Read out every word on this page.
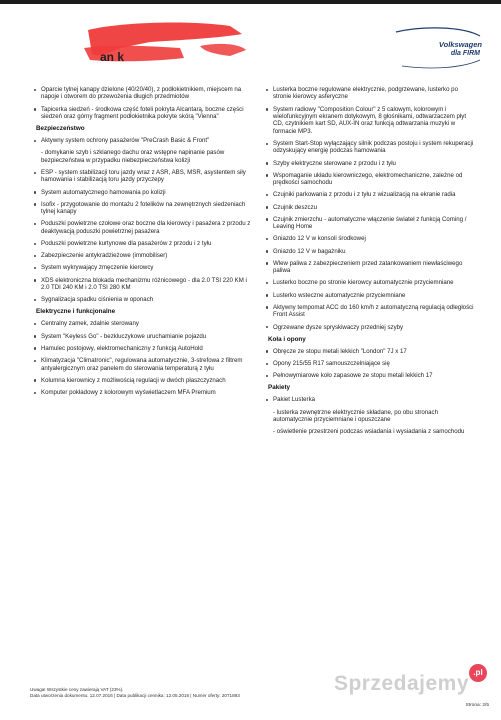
an k
Volkswagen
dla FIRM
Oparcie tylnej kanapy dzielone (40/20/40), z podłokietnikiem, miejscem na napoje i otworem do przewożenia długich przedmiotów
Tapicerka siedzeń - środkowa część foteli pokryta Alcantarą, boczne części siedzeń oraz górny fragment podłokietnika pokryte skórą "Vienna"
Bezpieczeństwo
Aktywny system ochrony pasażerów "PreCrash Basic & Front"
- domykanie szyb i szklanego dachu oraz wstępne napinanie pasów bezpieczeństwa w przypadku niebezpieczeństwa kolizji
ESP - system stabilizacji toru jazdy wraz z ASR, ABS, MSR, asystentem siły hamowania i stabilizacją toru jazdy przyczepy
System automatycznego hamowania po kolizji
Isofix - przygotowanie do montażu 2 fotelików na zewnętrznych siedzeniach tylnej kanapy
Poduszki powietrzne czołowe oraz boczne dla kierowcy i pasażera z przodu z deaktywacją poduszki powietrznej pasażera
Poduszki powietrzne kurtynowe dla pasażerów z przodu i z tyłu
Zabezpieczenie antykradzieżowe (immobiliser)
System wykrywający zmęczenie kierowcy
XDS elektroniczna blokada mechanizmu różnicowego - dla 2.0 TSI 220 KM i 2.0 TDI 240 KM i 2.0 TSI 280 KM
Sygnalizacja spadku ciśnienia w oponach
Elektryczne i funkcjonalne
Centralny zamek, zdalnie sterowany
System "Keyless Go" - bezkluczykowe uruchamianie pojazdu
Hamulec postojowy, elektromechaniczny z funkcją AutoHold
Klimatyzacja "Climatronic", regulowana automatycznie, 3-strefowa z filtrem antyalergicznym oraz panelem do sterowania temperaturą z tyłu
Kolumna kierownicy z możliwością regulacji w dwóch płaszczyznach
Komputer pokładowy z kolorowym wyświetlaczem MFA Premium
Lusterka boczne regulowane elektrycznie, podgrzewane, lusterko po stronie kierowcy asferyczne
System radiowy "Composition Colour" z 5 calowym, kolorowym i wielofunkcyjnym ekranem dotykowym, 8 głośnikami, odtwarzaczem płyt CD, czytnikiem kart SD, AUX-IN oraz funkcją odtwarzania muzyki w formacie MP3.
System Start-Stop wyłączający silnik podczas postoju i system rekuperacji odzyskujący energię podczas hamowania
Szyby elektryczne sterowane z przodu i z tyłu
Wspomaganie układu kierowniczego, elektromechaniczne, zależne od prędkości samochodu
Czujniki parkowania z przodu i z tyłu z wizualizacją na ekranie radia
Czujnik deszczu
Czujnik zmierzchu - automatyczne włączenie świateł z funkcją Coming / Leaving Home
Gniazdo 12 V w konsoli środkowej
Gniazdo 12 V w bagażniku
Wlew paliwa z zabezpieczeniem przed zatankowaniem niewłaściwego paliwa
Lusterko boczne po stronie kierowcy automatycznie przyciemniane
Lusterko wsteczne automatycznie przyciemniane
Aktywny tempomat ACC do 160 km/h z automatyczną regulacją odległości Front Assist
Ogrzewane dysze spryskiwaczy przedniej szyby
Koła i opony
Obręcze ze stopu metali lekkich "London" 7J x 17
Opony 215/55 R17 samouszczelniające się
Pełnowymiarowe koło zapasowe ze stopu metali lekkich 17
Pakiety
Pakiet Lusterka
- lusterka zewnętrzne elektrycznie składane, po obu stronach automatycznie przyciemniane i opuszczane
- oświetlenie przestrzeni podczas wsiadania i wysiadania z samochodu
Uwaga! Wszystkie ceny zawierają VAT (23%).
Data utworzenia dokumentu: 12.07.2016 | Data publikacji cennika: 12.05.2016 | Numer oferty: 2071893
Strona: 2/5
Sprzedajemy .pl
